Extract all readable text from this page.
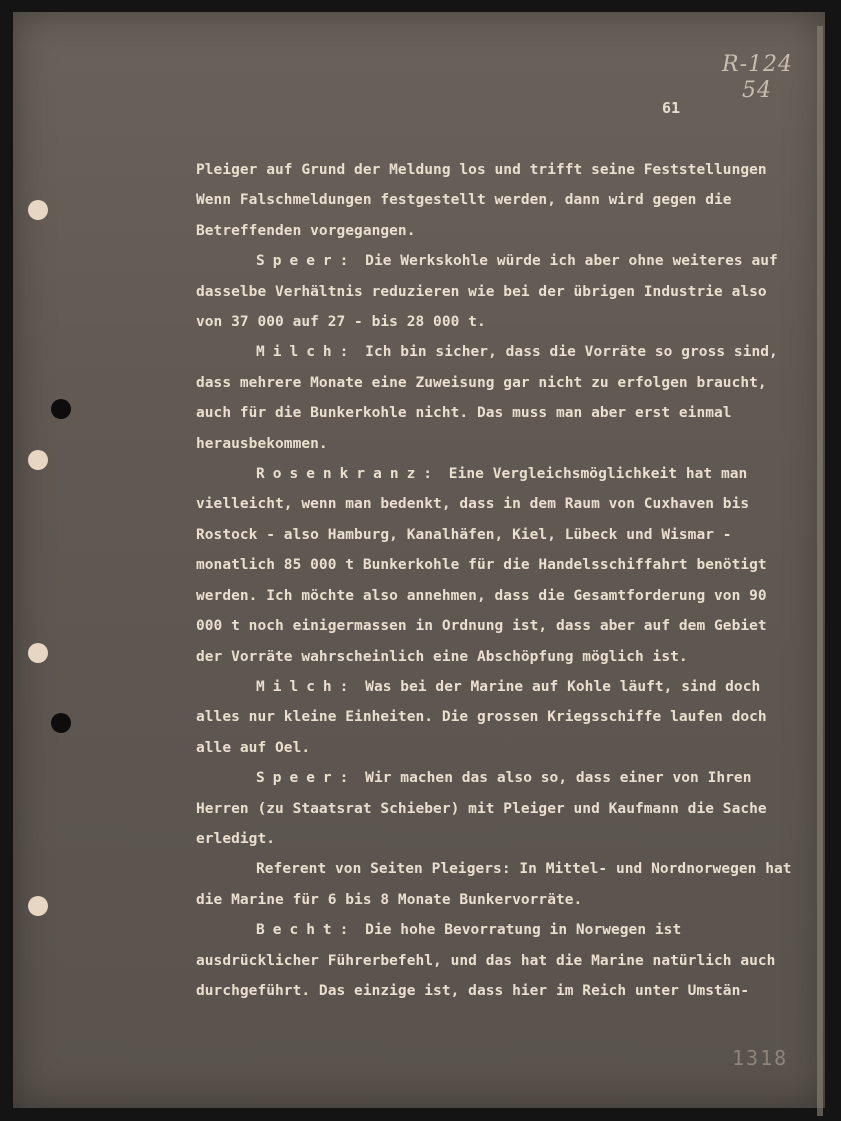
R-124
54
61

Pleiger auf Grund der Meldung los und trifft seine Feststellungen Wenn Falschmeldungen festgestellt werden, dann wird gegen die Betreffenden vorgegangen.

Speer: Die Werkskohle würde ich aber ohne weiteres auf dasselbe Verhältnis reduzieren wie bei der übrigen Industrie also von 37 000 auf 27 - bis 28 000 t.

Milch: Ich bin sicher, dass die Vorräte so gross sind, dass mehrere Monate eine Zuweisung gar nicht zu erfolgen braucht, auch für die Bunkerkohle nicht. Das muss man aber erst einmal herausbekommen.

Rosenkranz: Eine Vergleichsmöglichkeit hat man vielleicht, wenn man bedenkt, dass in dem Raum von Cuxhaven bis Rostock - also Hamburg, Kanalhäfen, Kiel, Lübeck und Wismar - monatlich 85 000 t Bunkerkohle für die Handelsschiffahrt benötigt werden. Ich möchte also annehmen, dass die Gesamtforderung von 90 000 t noch einigermassen in Ordnung ist, dass aber auf dem Gebiet der Vorräte wahrscheinlich eine Abschöpfung möglich ist.

Milch: Was bei der Marine auf Kohle läuft, sind doch alles nur kleine Einheiten. Die grossen Kriegsschiffe laufen doch alle auf Oel.

Speer: Wir machen das also so, dass einer von Ihren Herren (zu Staatsrat Schieber) mit Pleiger und Kaufmann die Sache erledigt.

Referent von Seiten Pleigers: In Mittel- und Nordnorwegen hat die Marine für 6 bis 8 Monate Bunkervorräte.

Becht: Die hohe Bevorratung in Norwegen ist ausdrücklicher Führerbefehl, und das hat die Marine natürlich auch durchgeführt. Das einzige ist, dass hier im Reich unter Umstän-

1318
